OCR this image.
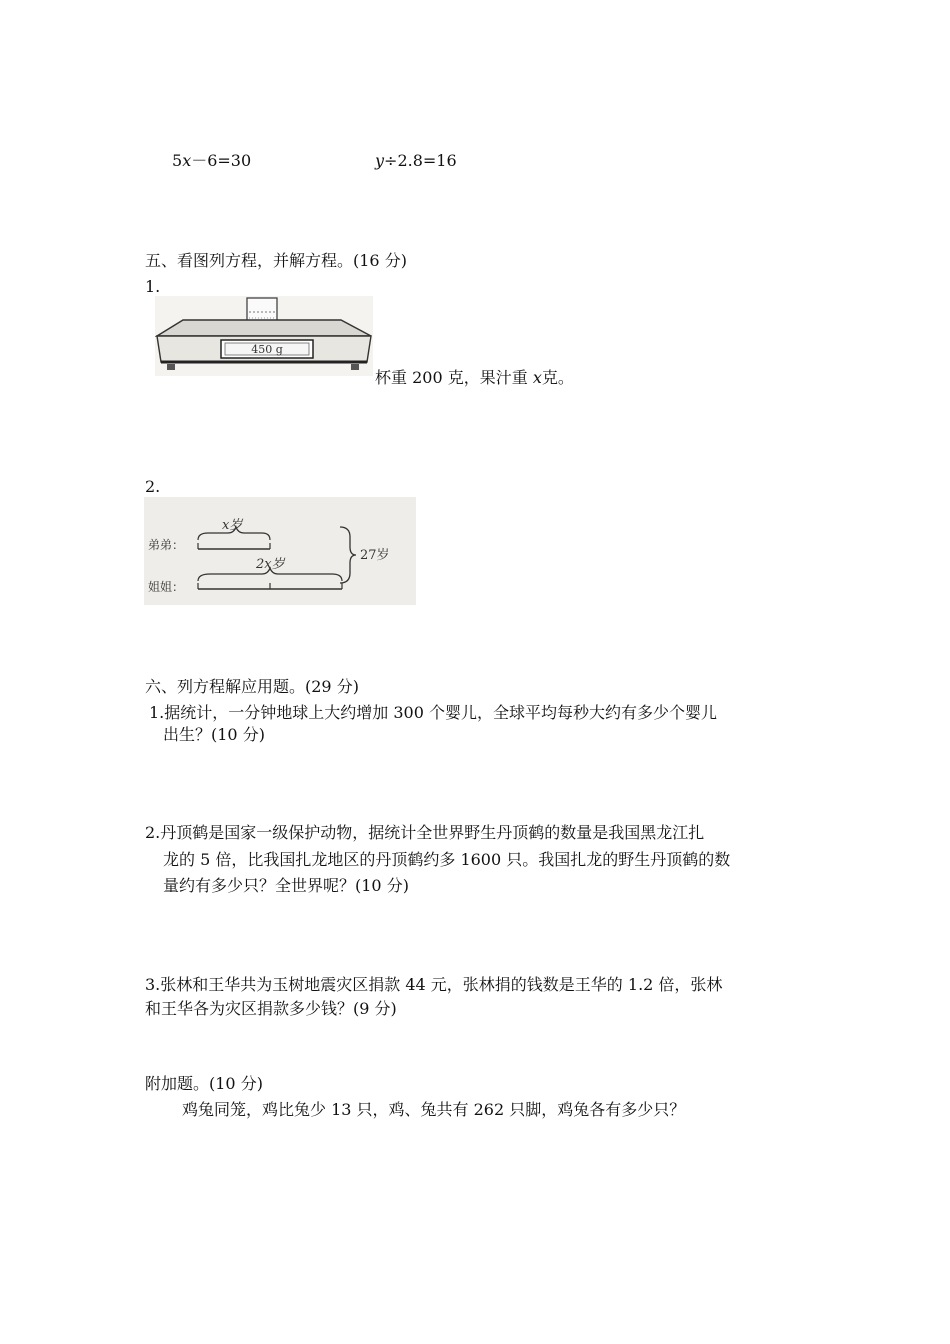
5x－6=30	y÷2.8=16
五、看图列方程，并解方程。(16 分)
1.
450 g
杯重 200 克，果汁重 x克。
2.
弟弟：
x岁
姐姐：
2x岁
27岁
六、列方程解应用题。(29 分)
1.据统计，一分钟地球上大约增加 300 个婴儿，全球平均每秒大约有多少个婴儿
出生？(10 分)
2.丹顶鹤是国家一级保护动物，据统计全世界野生丹顶鹤的数量是我国黑龙江扎
龙的 5 倍，比我国扎龙地区的丹顶鹤约多 1600 只。我国扎龙的野生丹顶鹤的数
量约有多少只？全世界呢？(10 分)
3.张林和王华共为玉树地震灾区捐款 44 元，张林捐的钱数是王华的 1.2 倍，张林
和王华各为灾区捐款多少钱？(9 分)
附加题。(10 分)
鸡兔同笼，鸡比兔少 13 只，鸡、兔共有 262 只脚，鸡兔各有多少只？
